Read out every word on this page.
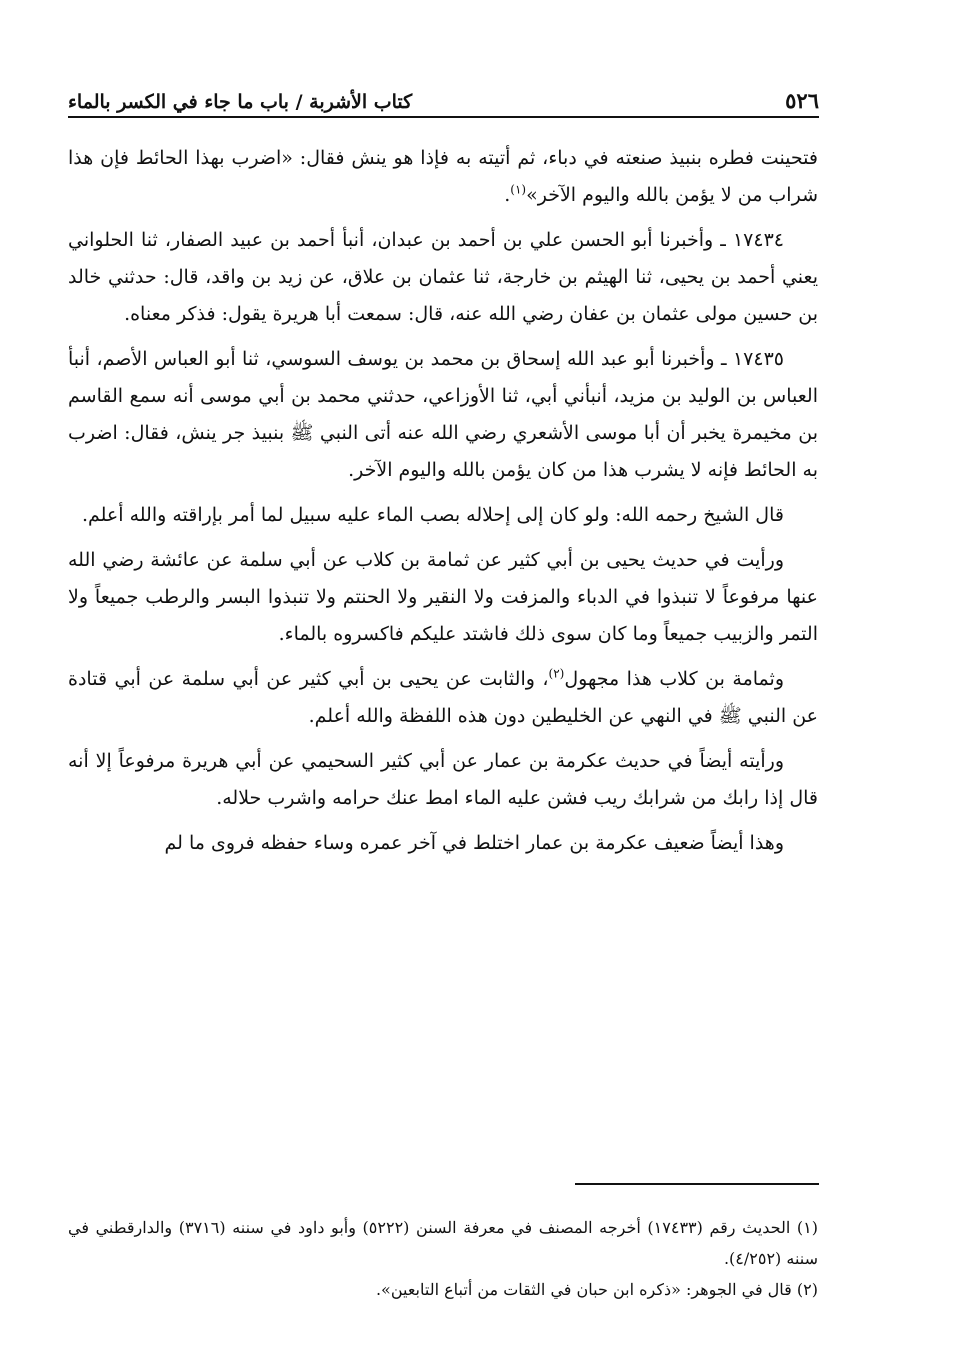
٥٢٦
كتاب الأشربة / باب ما جاء في الكسر بالماء

فتحينت فطره بنبيذ صنعته في دباء، ثم أتيته به فإذا هو ينش فقال: «اضرب بهذا الحائط فإن هذا شراب من لا يؤمن بالله واليوم الآخر»$^{(١)}$.

١٧٤٣٤ ـ وأخبرنا أبو الحسن علي بن أحمد بن عبدان، أنبأ أحمد بن عبيد الصفار، ثنا الحلواني يعني أحمد بن يحيى، ثنا الهيثم بن خارجة، ثنا عثمان بن علاق، عن زيد بن واقد، قال: حدثني خالد بن حسين مولى عثمان بن عفان رضي الله عنه، قال: سمعت أبا هريرة يقول: فذكر معناه.

١٧٤٣٥ ـ وأخبرنا أبو عبد الله إسحاق بن محمد بن يوسف السوسي، ثنا أبو العباس الأصم، أنبأ العباس بن الوليد بن مزيد، أنبأني أبي، ثنا الأوزاعي، حدثني محمد بن أبي موسى أنه سمع القاسم بن مخيمرة يخبر أن أبا موسى الأشعري رضي الله عنه أتى النبي ﷺ بنبيذ جر ينش، فقال: اضرب به الحائط فإنه لا يشرب هذا من كان يؤمن بالله واليوم الآخر.

قال الشيخ رحمه الله: ولو كان إلى إحلاله بصب الماء عليه سبيل لما أمر بإراقته والله أعلم.

ورأيت في حديث يحيى بن أبي كثير عن ثمامة بن كلاب عن أبي سلمة عن عائشة رضي الله عنها مرفوعاً لا تنبذوا في الدباء والمزفت ولا النقير ولا الحنتم ولا تنبذوا البسر والرطب جميعاً ولا التمر والزبيب جميعاً وما كان سوى ذلك فاشتد عليكم فاكسروه بالماء.

وثمامة بن كلاب هذا مجهول$^{(٢)}$، والثابت عن يحيى بن أبي كثير عن أبي سلمة عن أبي قتادة عن النبي ﷺ في النهي عن الخليطين دون هذه اللفظة والله أعلم.

ورأيته أيضاً في حديث عكرمة بن عمار عن أبي كثير السحيمي عن أبي هريرة مرفوعاً إلا أنه قال إذا رابك من شرابك ريب فشن عليه الماء امط عنك حرامه واشرب حلاله.

وهذا أيضاً ضعيف عكرمة بن عمار اختلط في آخر عمره وساء حفظه فروى ما لم

(١) الحديث رقم (١٧٤٣٣) أخرجه المصنف في معرفة السنن (٥٢٢٢) وأبو داود في سننه (٣٧١٦) والدارقطني في سننه (٤/٢٥٢).

(٢) قال في الجوهر: «ذكره ابن حبان في الثقات من أتباع التابعين».
